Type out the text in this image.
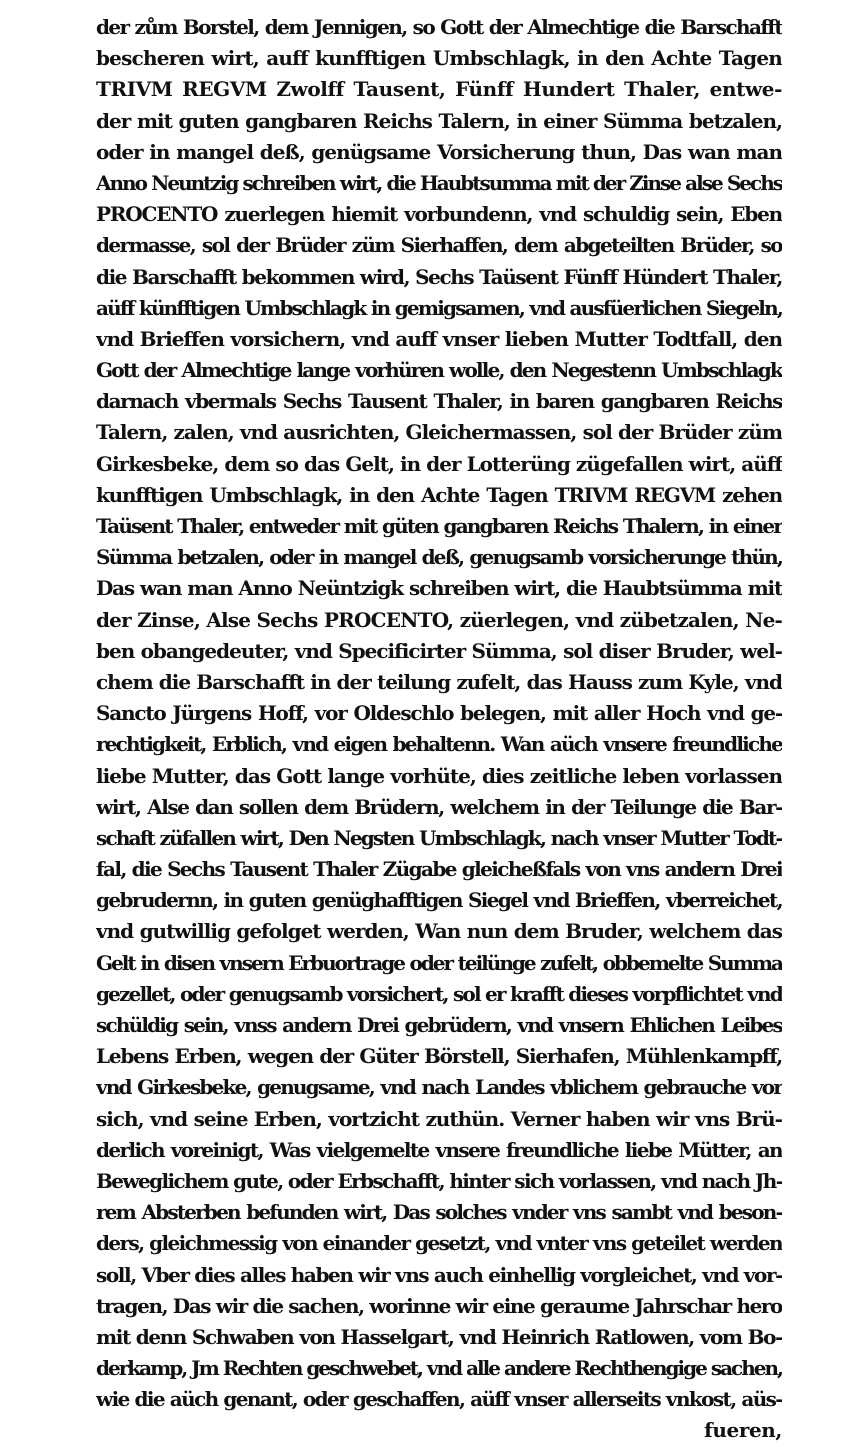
der zům Borstel, dem Jennigen, so Gott der Almechtige die Barschafft
bescheren wirt, auff kunfftigen Umbschlagk, in den Achte Tagen
TRIVM REGVM Zwolff Tausent, Fünff Hundert Thaler, entwe-
der mit guten gangbaren Reichs Talern, in einer Sümma betzalen,
oder in mangel deß, genügsame Vorsicherung thun, Das wan man
Anno Neuntzig schreiben wirt, die Haubtsumma mit der Zinse alse Sechs
PROCENTO zuerlegen hiemit vorbundenn, vnd schuldig sein, Eben
dermasse, sol der Brüder züm Sierhaffen, dem abgeteilten Brüder, so
die Barschafft bekommen wird, Sechs Taüsent Fünff Hündert Thaler,
aüff künfftigen Umbschlagk in gemigsamen, vnd ausfüerlichen Siegeln,
vnd Brieffen vorsichern, vnd auff vnser lieben Mutter Todtfall, den
Gott der Almechtige lange vorhüren wolle, den Negestenn Umbschlagk
darnach vbermals Sechs Tausent Thaler, in baren gangbaren Reichs
Talern, zalen, vnd ausrichten, Gleichermassen, sol der Brüder züm
Girkesbeke, dem so das Gelt, in der Lotterüng zügefallen wirt, aüff
kunfftigen Umbschlagk, in den Achte Tagen TRIVM REGVM zehen
Taüsent Thaler, entweder mit güten gangbaren Reichs Thalern, in einer
Sümma betzalen, oder in mangel deß, genugsamb vorsicherunge thün,
Das wan man Anno Neüntzigk schreiben wirt, die Haubtsümma mit
der Zinse, Alse Sechs PROCENTO, züerlegen, vnd zübetzalen, Ne-
ben obangedeuter, vnd Specificirter Sümma, sol diser Bruder, wel-
chem die Barschafft in der teilung zufelt, das Hauss zum Kyle, vnd
Sancto Jürgens Hoff, vor Oldeschlo belegen, mit aller Hoch vnd ge-
rechtigkeit, Erblich, vnd eigen behaltenn. Wan aüch vnsere freundliche
liebe Mutter, das Gott lange vorhüte, dies zeitliche leben vorlassen
wirt, Alse dan sollen dem Brüdern, welchem in der Teilunge die Bar-
schaft züfallen wirt, Den Negsten Umbschlagk, nach vnser Mutter Todt-
fal, die Sechs Tausent Thaler Zügabe gleicheßfals von vns andern Drei
gebrudernn, in guten genüghafftigen Siegel vnd Brieffen, vberreichet,
vnd gutwillig gefolget werden, Wan nun dem Bruder, welchem das
Gelt in disen vnsern Erbuortrage oder teilünge zufelt, obbemelte Summa
gezellet, oder genugsamb vorsichert, sol er krafft dieses vorpflichtet vnd
schüldig sein, vnss andern Drei gebrüdern, vnd vnsern Ehlichen Leibes
Lebens Erben, wegen der Güter Börstell, Sierhafen, Mühlenkampff,
vnd Girkesbeke, genugsame, vnd nach Landes vblichem gebrauche vor
sich, vnd seine Erben, vortzicht zuthün. Verner haben wir vns Brü-
derlich voreinigt, Was vielgemelte vnsere freundliche liebe Mütter, an
Beweglichem gute, oder Erbschafft, hinter sich vorlassen, vnd nach Jh-
rem Absterben befunden wirt, Das solches vnder vns sambt vnd beson-
ders, gleichmessig von einander gesetzt, vnd vnter vns geteilet werden
soll, Vber dies alles haben wir vns auch einhellig vorgleichet, vnd vor-
tragen, Das wir die sachen, worinne wir eine geraume Jahrschar hero
mit denn Schwaben von Hasselgart, vnd Heinrich Ratlowen, vom Bo-
derkamp, Jm Rechten geschwebet, vnd alle andere Rechthengige sachen,
wie die aüch genant, oder geschaffen, aüff vnser allerseits vnkost, aüs-
fueren,
